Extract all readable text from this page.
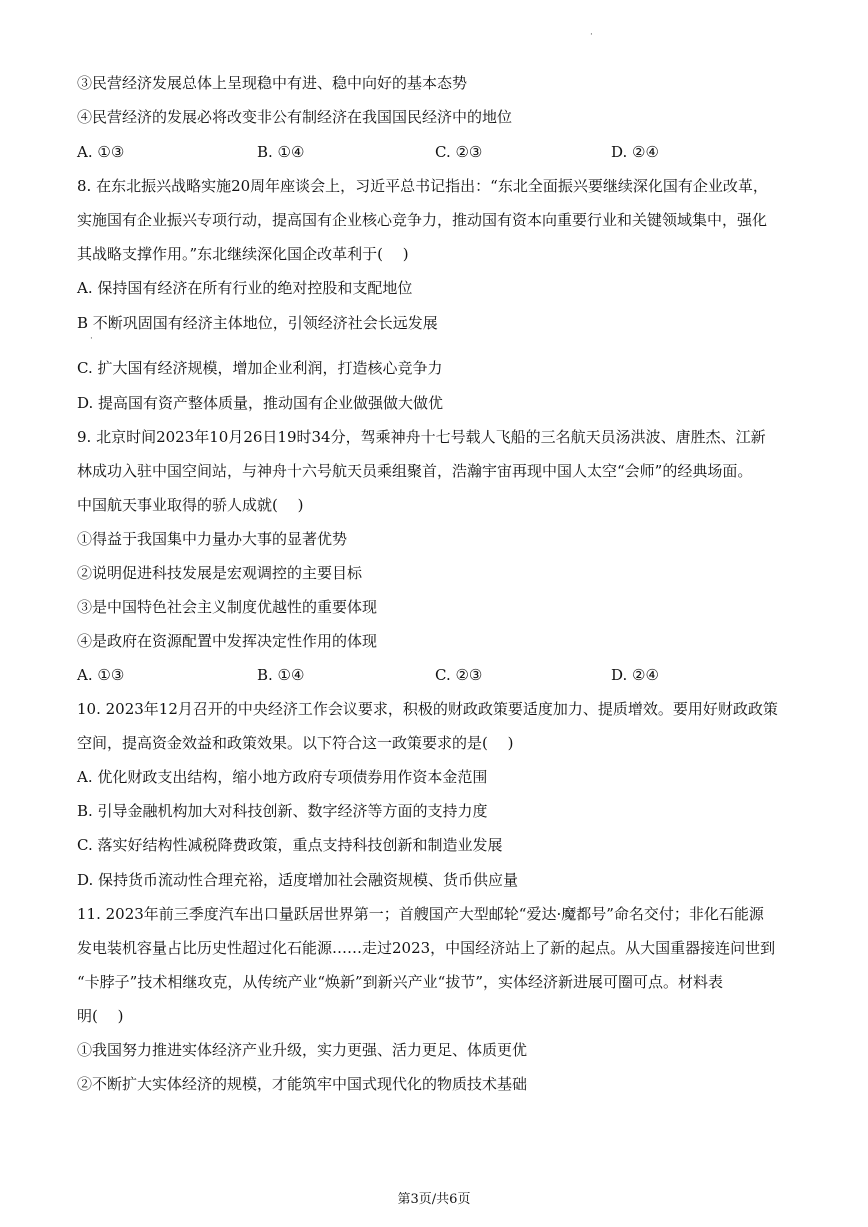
·
③民营经济发展总体上呈现稳中有进、稳中向好的基本态势
④民营经济的发展必将改变非公有制经济在我国国民经济中的地位
A. ①③	B. ①④	C. ②③	D. ②④
8. 在东北振兴战略实施20周年座谈会上，习近平总书记指出：“东北全面振兴要继续深化国有企业改革，
实施国有企业振兴专项行动，提高国有企业核心竞争力，推动国有资本向重要行业和关键领域集中，强化
其战略支撑作用。”东北继续深化国企改革利于(　 )
A. 保持国有经济在所有行业的绝对控股和支配地位
B 不断巩固国有经济主体地位，引领经济社会长远发展
·
C. 扩大国有经济规模，增加企业利润，打造核心竞争力
D. 提高国有资产整体质量，推动国有企业做强做大做优
9. 北京时间2023年10月26日19时34分，驾乘神舟十七号载人飞船的三名航天员汤洪波、唐胜杰、江新
林成功入驻中国空间站，与神舟十六号航天员乘组聚首，浩瀚宇宙再现中国人太空“会师”的经典场面。
中国航天事业取得的骄人成就(　 )
①得益于我国集中力量办大事的显著优势
②说明促进科技发展是宏观调控的主要目标
③是中国特色社会主义制度优越性的重要体现
④是政府在资源配置中发挥决定性作用的体现
A. ①③	B. ①④	C. ②③	D. ②④
10. 2023年12月召开的中央经济工作会议要求，积极的财政政策要适度加力、提质增效。要用好财政政策
空间，提高资金效益和政策效果。以下符合这一政策要求的是(　 )
A. 优化财政支出结构，缩小地方政府专项债券用作资本金范围
B. 引导金融机构加大对科技创新、数字经济等方面的支持力度
C. 落实好结构性减税降费政策，重点支持科技创新和制造业发展
D. 保持货币流动性合理充裕，适度增加社会融资规模、货币供应量
11. 2023年前三季度汽车出口量跃居世界第一；首艘国产大型邮轮“爱达·魔都号”命名交付；非化石能源
发电装机容量占比历史性超过化石能源……走过2023，中国经济站上了新的起点。从大国重器接连问世到
“卡脖子”技术相继攻克，从传统产业“焕新”到新兴产业“拔节”，实体经济新进展可圈可点。材料表
明(　 )
①我国努力推进实体经济产业升级，实力更强、活力更足、体质更优
②不断扩大实体经济的规模，才能筑牢中国式现代化的物质技术基础
第3页/共6页
